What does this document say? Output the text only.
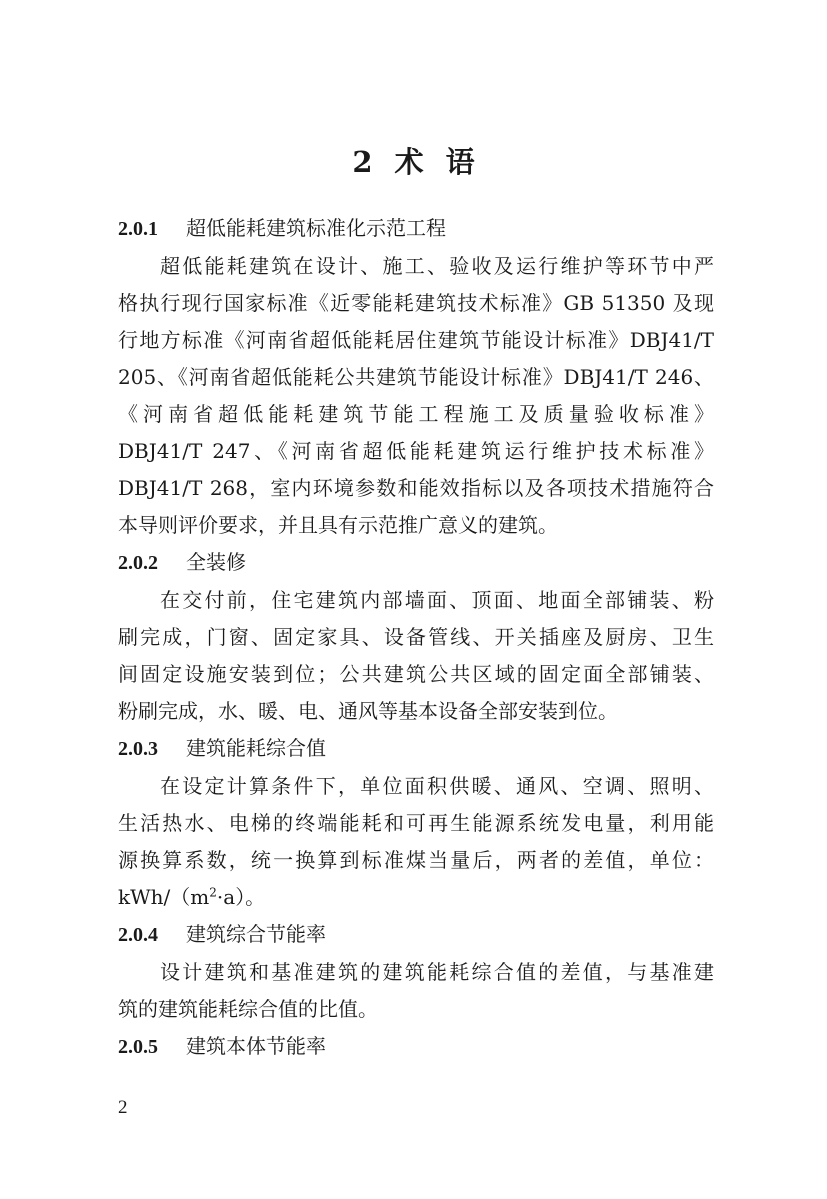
2 术 语
2.0.1 超低能耗建筑标准化示范工程
超低能耗建筑在设计、施工、验收及运行维护等环节中严
格执行现行国家标准《近零能耗建筑技术标准》GB 51350 及现
行地方标准《河南省超低能耗居住建筑节能设计标准》DBJ41/T
205、《河南省超低能耗公共建筑节能设计标准》DBJ41/T 246、
《河南省超低能耗建筑节能工程施工及质量验收标准》
DBJ41/T 247、《河南省超低能耗建筑运行维护技术标准》
DBJ41/T 268，室内环境参数和能效指标以及各项技术措施符合
本导则评价要求，并且具有示范推广意义的建筑。
2.0.2 全装修
在交付前，住宅建筑内部墙面、顶面、地面全部铺装、粉
刷完成，门窗、固定家具、设备管线、开关插座及厨房、卫生
间固定设施安装到位；公共建筑公共区域的固定面全部铺装、
粉刷完成，水、暖、电、通风等基本设备全部安装到位。
2.0.3 建筑能耗综合值
在设定计算条件下，单位面积供暖、通风、空调、照明、
生活热水、电梯的终端能耗和可再生能源系统发电量，利用能
源换算系数，统一换算到标准煤当量后，两者的差值，单位：
kWh/$(m^2\cdot a)$。
2.0.4 建筑综合节能率
设计建筑和基准建筑的建筑能耗综合值的差值，与基准建
筑的建筑能耗综合值的比值。
2.0.5 建筑本体节能率
2
